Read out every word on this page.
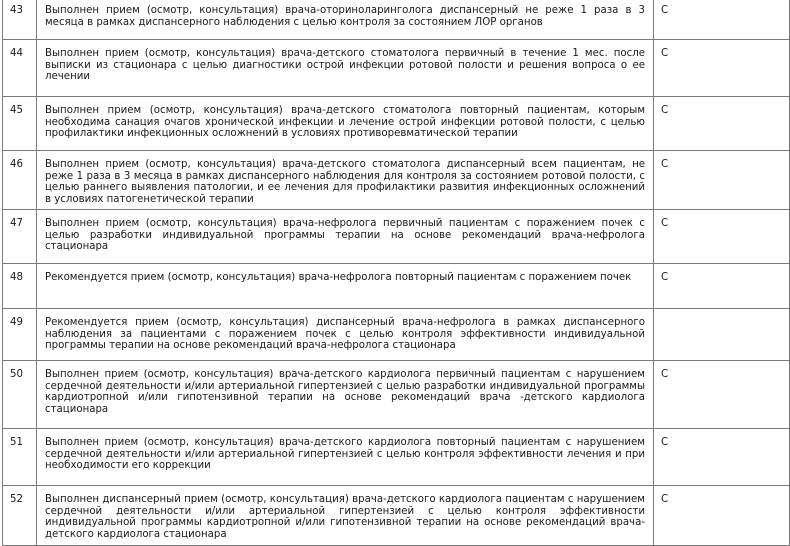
43	Выполнен прием (осмотр, консультация) врача-оториноларинголога диспансерный не реже 1 раза в 3 месяца в рамках диспансерного наблюдения с целью контроля за состоянием ЛОР органов	C
44	Выполнен прием (осмотр, консультация) врача-детского стоматолога первичный в течение 1 мес. после выписки из стационара с целью диагностики острой инфекции ротовой полости и решения вопроса о ее лечении	C
45	Выполнен прием (осмотр, консультация) врача-детского стоматолога повторный пациентам, которым необходима санация очагов хронической инфекции и лечение острой инфекции ротовой полости, с целью профилактики инфекционных осложнений в условиях противоревматической терапии	C
46	Выполнен прием (осмотр, консультация) врача-детского стоматолога диспансерный всем пациентам, не реже 1 раза в 3 месяца в рамках диспансерного наблюдения для контроля за состоянием ротовой полости, с целью раннего выявления патологии, и ее лечения для профилактики развития инфекционных осложнений в условиях патогенетической терапии	C
47	Выполнен прием (осмотр, консультация) врача-нефролога первичный пациентам с поражением почек с целью разработки индивидуальной программы терапии на основе рекомендаций врача-нефролога стационара	C
48	Рекомендуется прием (осмотр, консультация) врача-нефролога повторный пациентам с поражением почек	C
49	Рекомендуется прием (осмотр, консультация) диспансерный врача-нефролога в рамках диспансерного наблюдения за пациентами с поражением почек с целью контроля эффективности индивидуальной программы терапии на основе рекомендаций врача-нефролога стационара	
50	Выполнен прием (осмотр, консультация) врача-детского кардиолога первичный пациентам с нарушением сердечной деятельности и/или артериальной гипертензией с целью разработки индивидуальной программы кардиотропной и/или гипотензивной терапии на основе рекомендаций врача -детского кардиолога стационара	C
51	Выполнен прием (осмотр, консультация) врача-детского кардиолога повторный пациентам с нарушением сердечной деятельности и/или артериальной гипертензией с целью контроля эффективности лечения и при необходимости его коррекции	C
52	Выполнен диспансерный прием (осмотр, консультация) врача-детского кардиолога пациентам с нарушением сердечной деятельности и/или артериальной гипертензией с целью контроля эффективности индивидуальной программы кардиотропной и/или гипотензивной терапии на основе рекомендаций врача-детского кардиолога стационара	C
